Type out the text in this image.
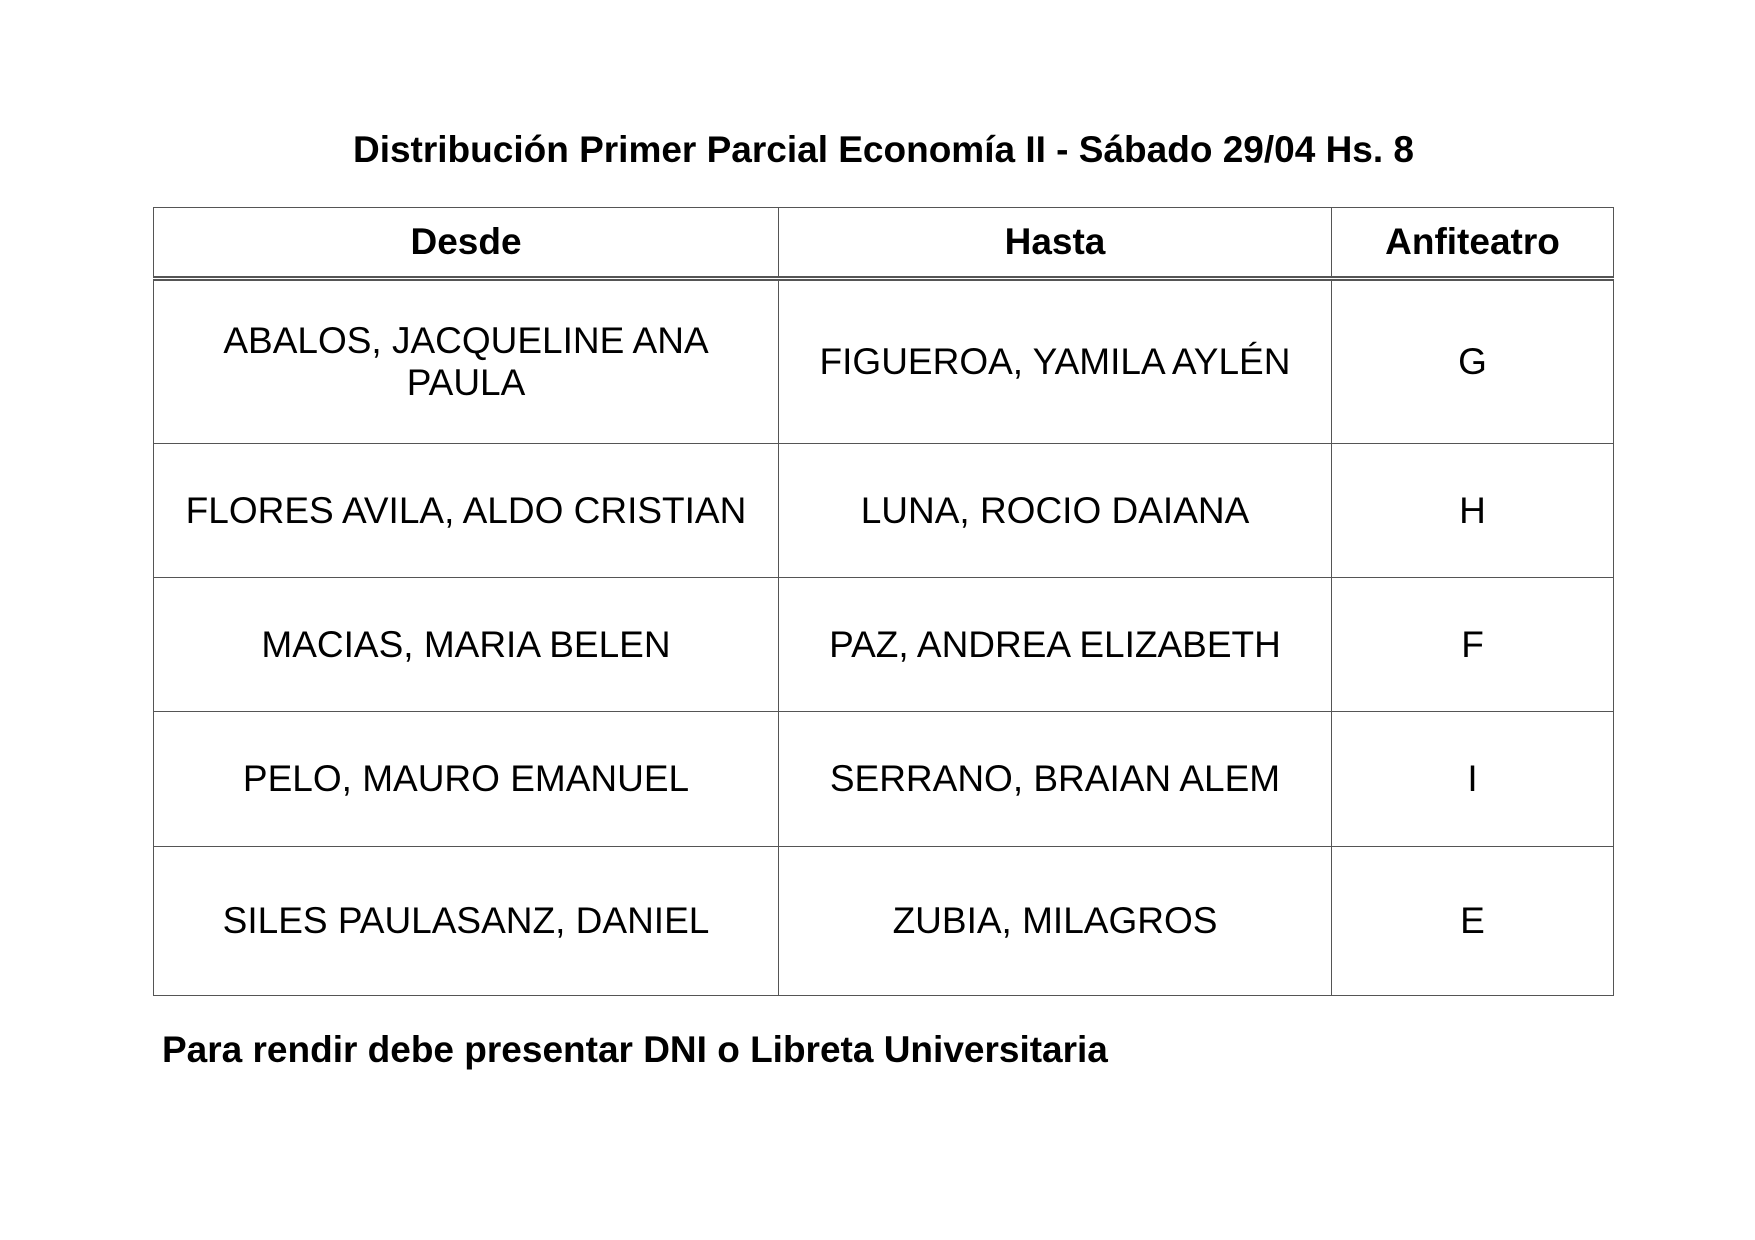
Distribución Primer Parcial Economía II - Sábado 29/04 Hs. 8
Desde	Hasta	Anfiteatro
ABALOS, JACQUELINE ANA PAULA	FIGUEROA, YAMILA AYLÉN	G
FLORES AVILA, ALDO CRISTIAN	LUNA, ROCIO DAIANA	H
MACIAS, MARIA BELEN	PAZ, ANDREA ELIZABETH	F
PELO, MAURO EMANUEL	SERRANO, BRAIAN ALEM	I
SILES PAULASANZ, DANIEL	ZUBIA, MILAGROS	E
Para rendir debe presentar DNI o Libreta Universitaria
